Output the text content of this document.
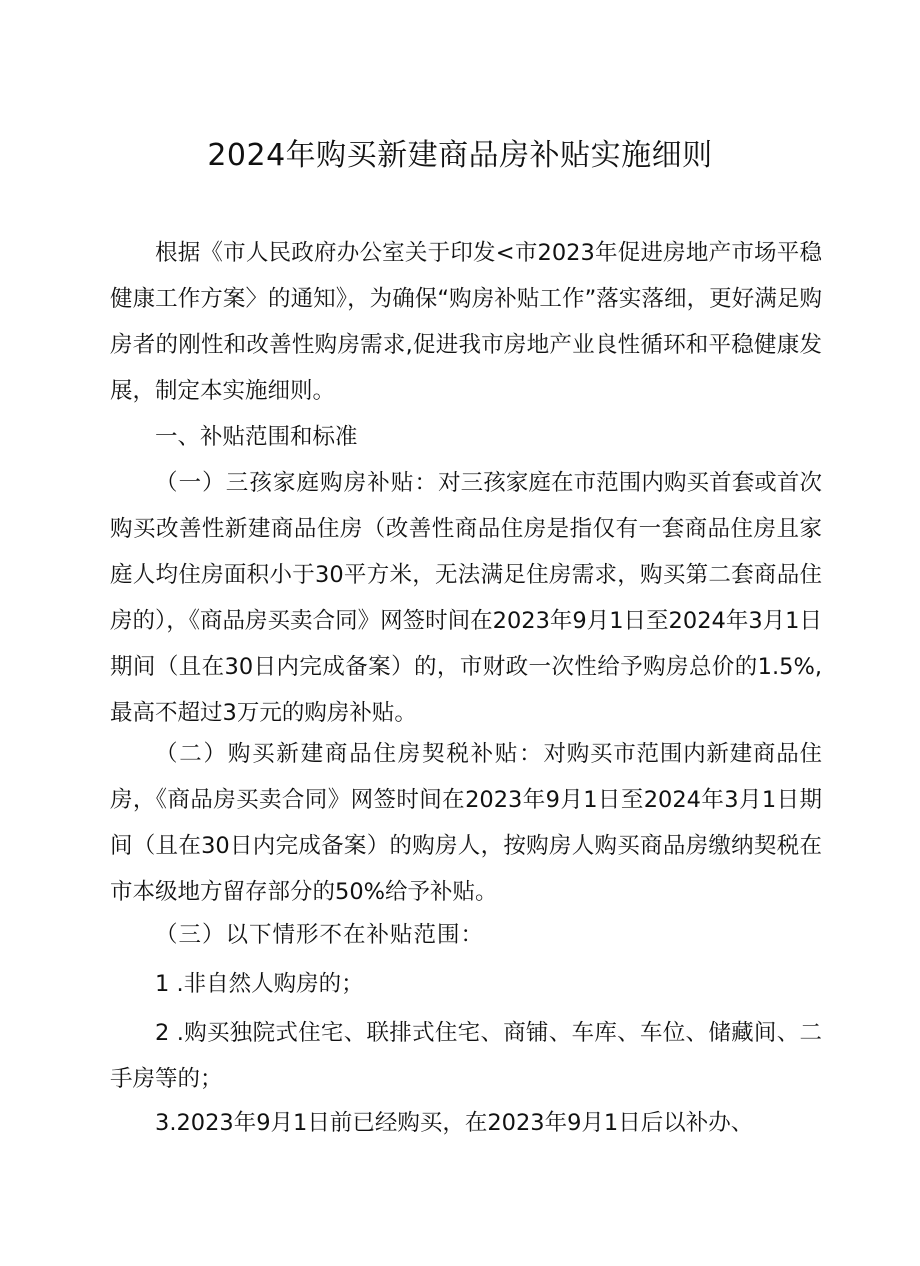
2024年购买新建商品房补贴实施细则

根据《市人民政府办公室关于印发<市2023年促进房地产市场平稳健康工作方案〉的通知》，为确保“购房补贴工作”落实落细，更好满足购房者的刚性和改善性购房需求,促进我市房地产业良性循环和平稳健康发展，制定本实施细则。

一、补贴范围和标准

（一）三孩家庭购房补贴：对三孩家庭在市范围内购买首套或首次购买改善性新建商品住房（改善性商品住房是指仅有一套商品住房且家庭人均住房面积小于30平方米，无法满足住房需求，购买第二套商品住房的），《商品房买卖合同》网签时间在2023年9月1日至2024年3月1日期间（且在30日内完成备案）的，市财政一次性给予购房总价的1.5%,最高不超过3万元的购房补贴。

（二）购买新建商品住房契税补贴：对购买市范围内新建商品住房，《商品房买卖合同》网签时间在2023年9月1日至2024年3月1日期间（且在30日内完成备案）的购房人，按购房人购买商品房缴纳契税在市本级地方留存部分的50%给予补贴。

（三）以下情形不在补贴范围：

1 .非自然人购房的；

2 .购买独院式住宅、联排式住宅、商铺、车库、车位、储藏间、二手房等的；

3.2023年9月1日前已经购买，在2023年9月1日后以补办、
